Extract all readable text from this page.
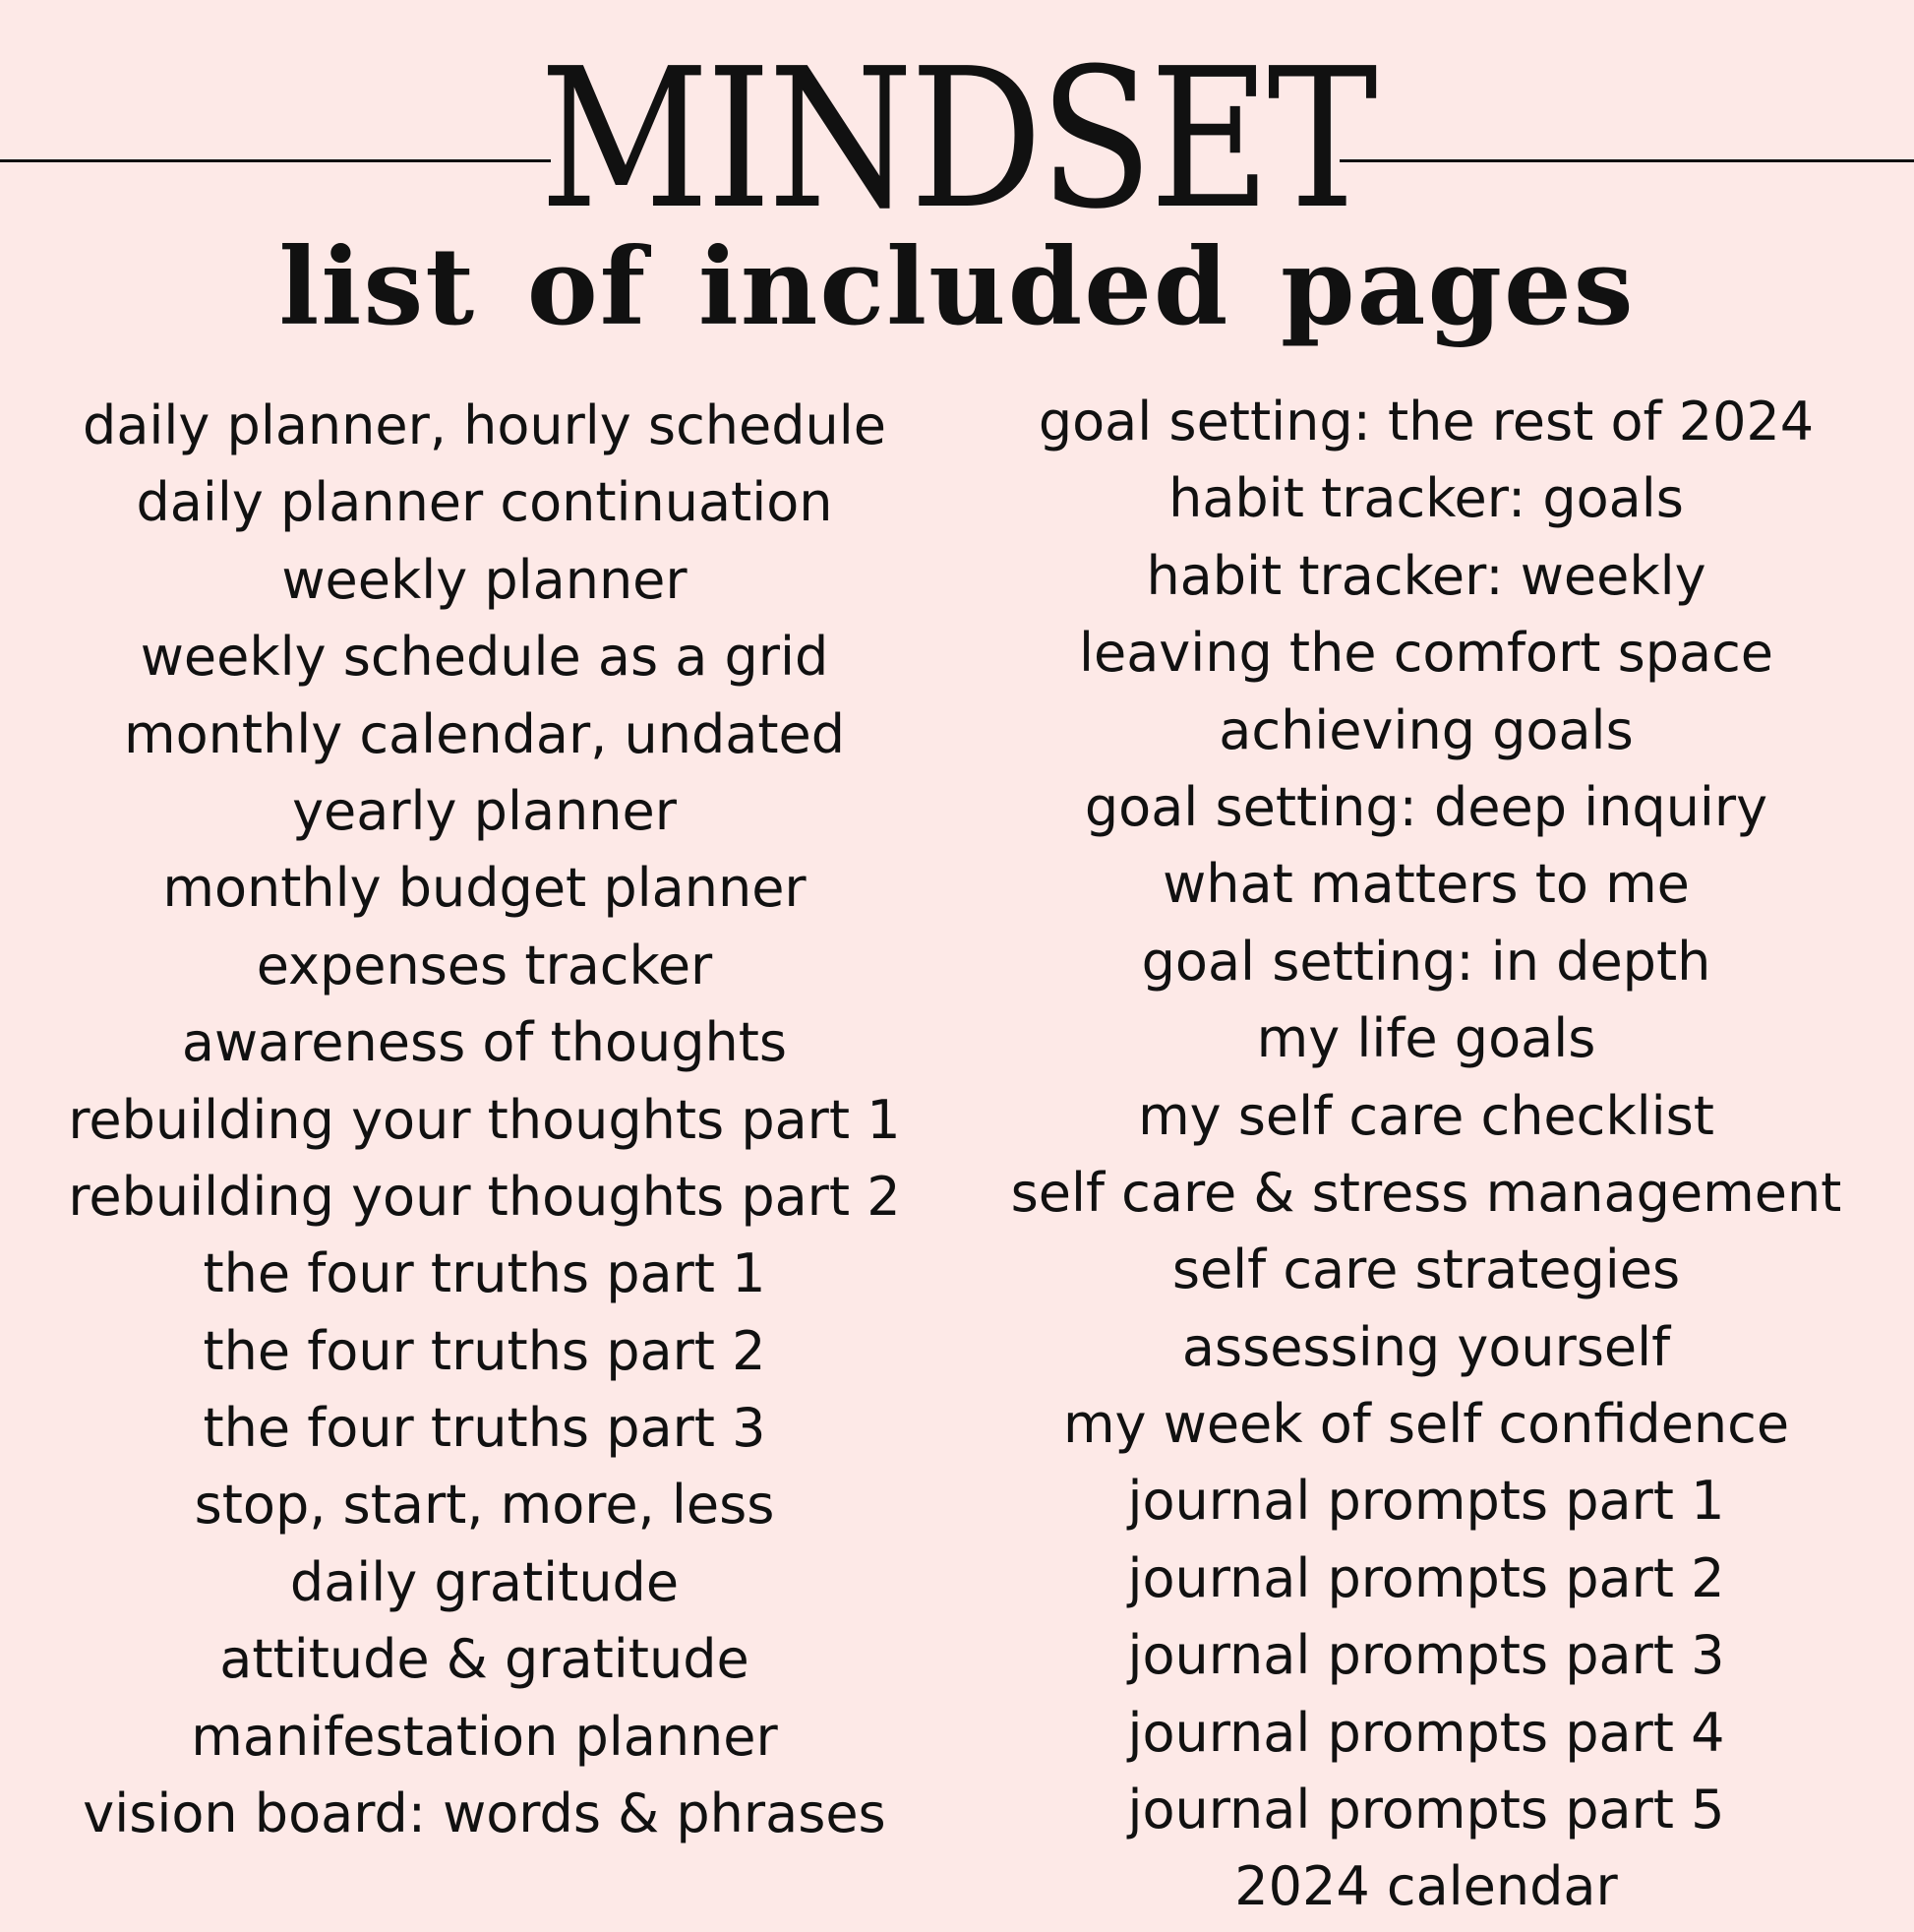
MINDSET
list of included pages
daily planner, hourly schedule
daily planner continuation
weekly planner
weekly schedule as a grid
monthly calendar, undated
yearly planner
monthly budget planner
expenses tracker
awareness of thoughts
rebuilding your thoughts part 1
rebuilding your thoughts part 2
the four truths part 1
the four truths part 2
the four truths part 3
stop, start, more, less
daily gratitude
attitude & gratitude
manifestation planner
vision board: words & phrases
goal setting: the rest of 2024
habit tracker: goals
habit tracker: weekly
leaving the comfort space
achieving goals
goal setting: deep inquiry
what matters to me
goal setting: in depth
my life goals
my self care checklist
self care & stress management
self care strategies
assessing yourself
my week of self confidence
journal prompts part 1
journal prompts part 2
journal prompts part 3
journal prompts part 4
journal prompts part 5
2024 calendar
